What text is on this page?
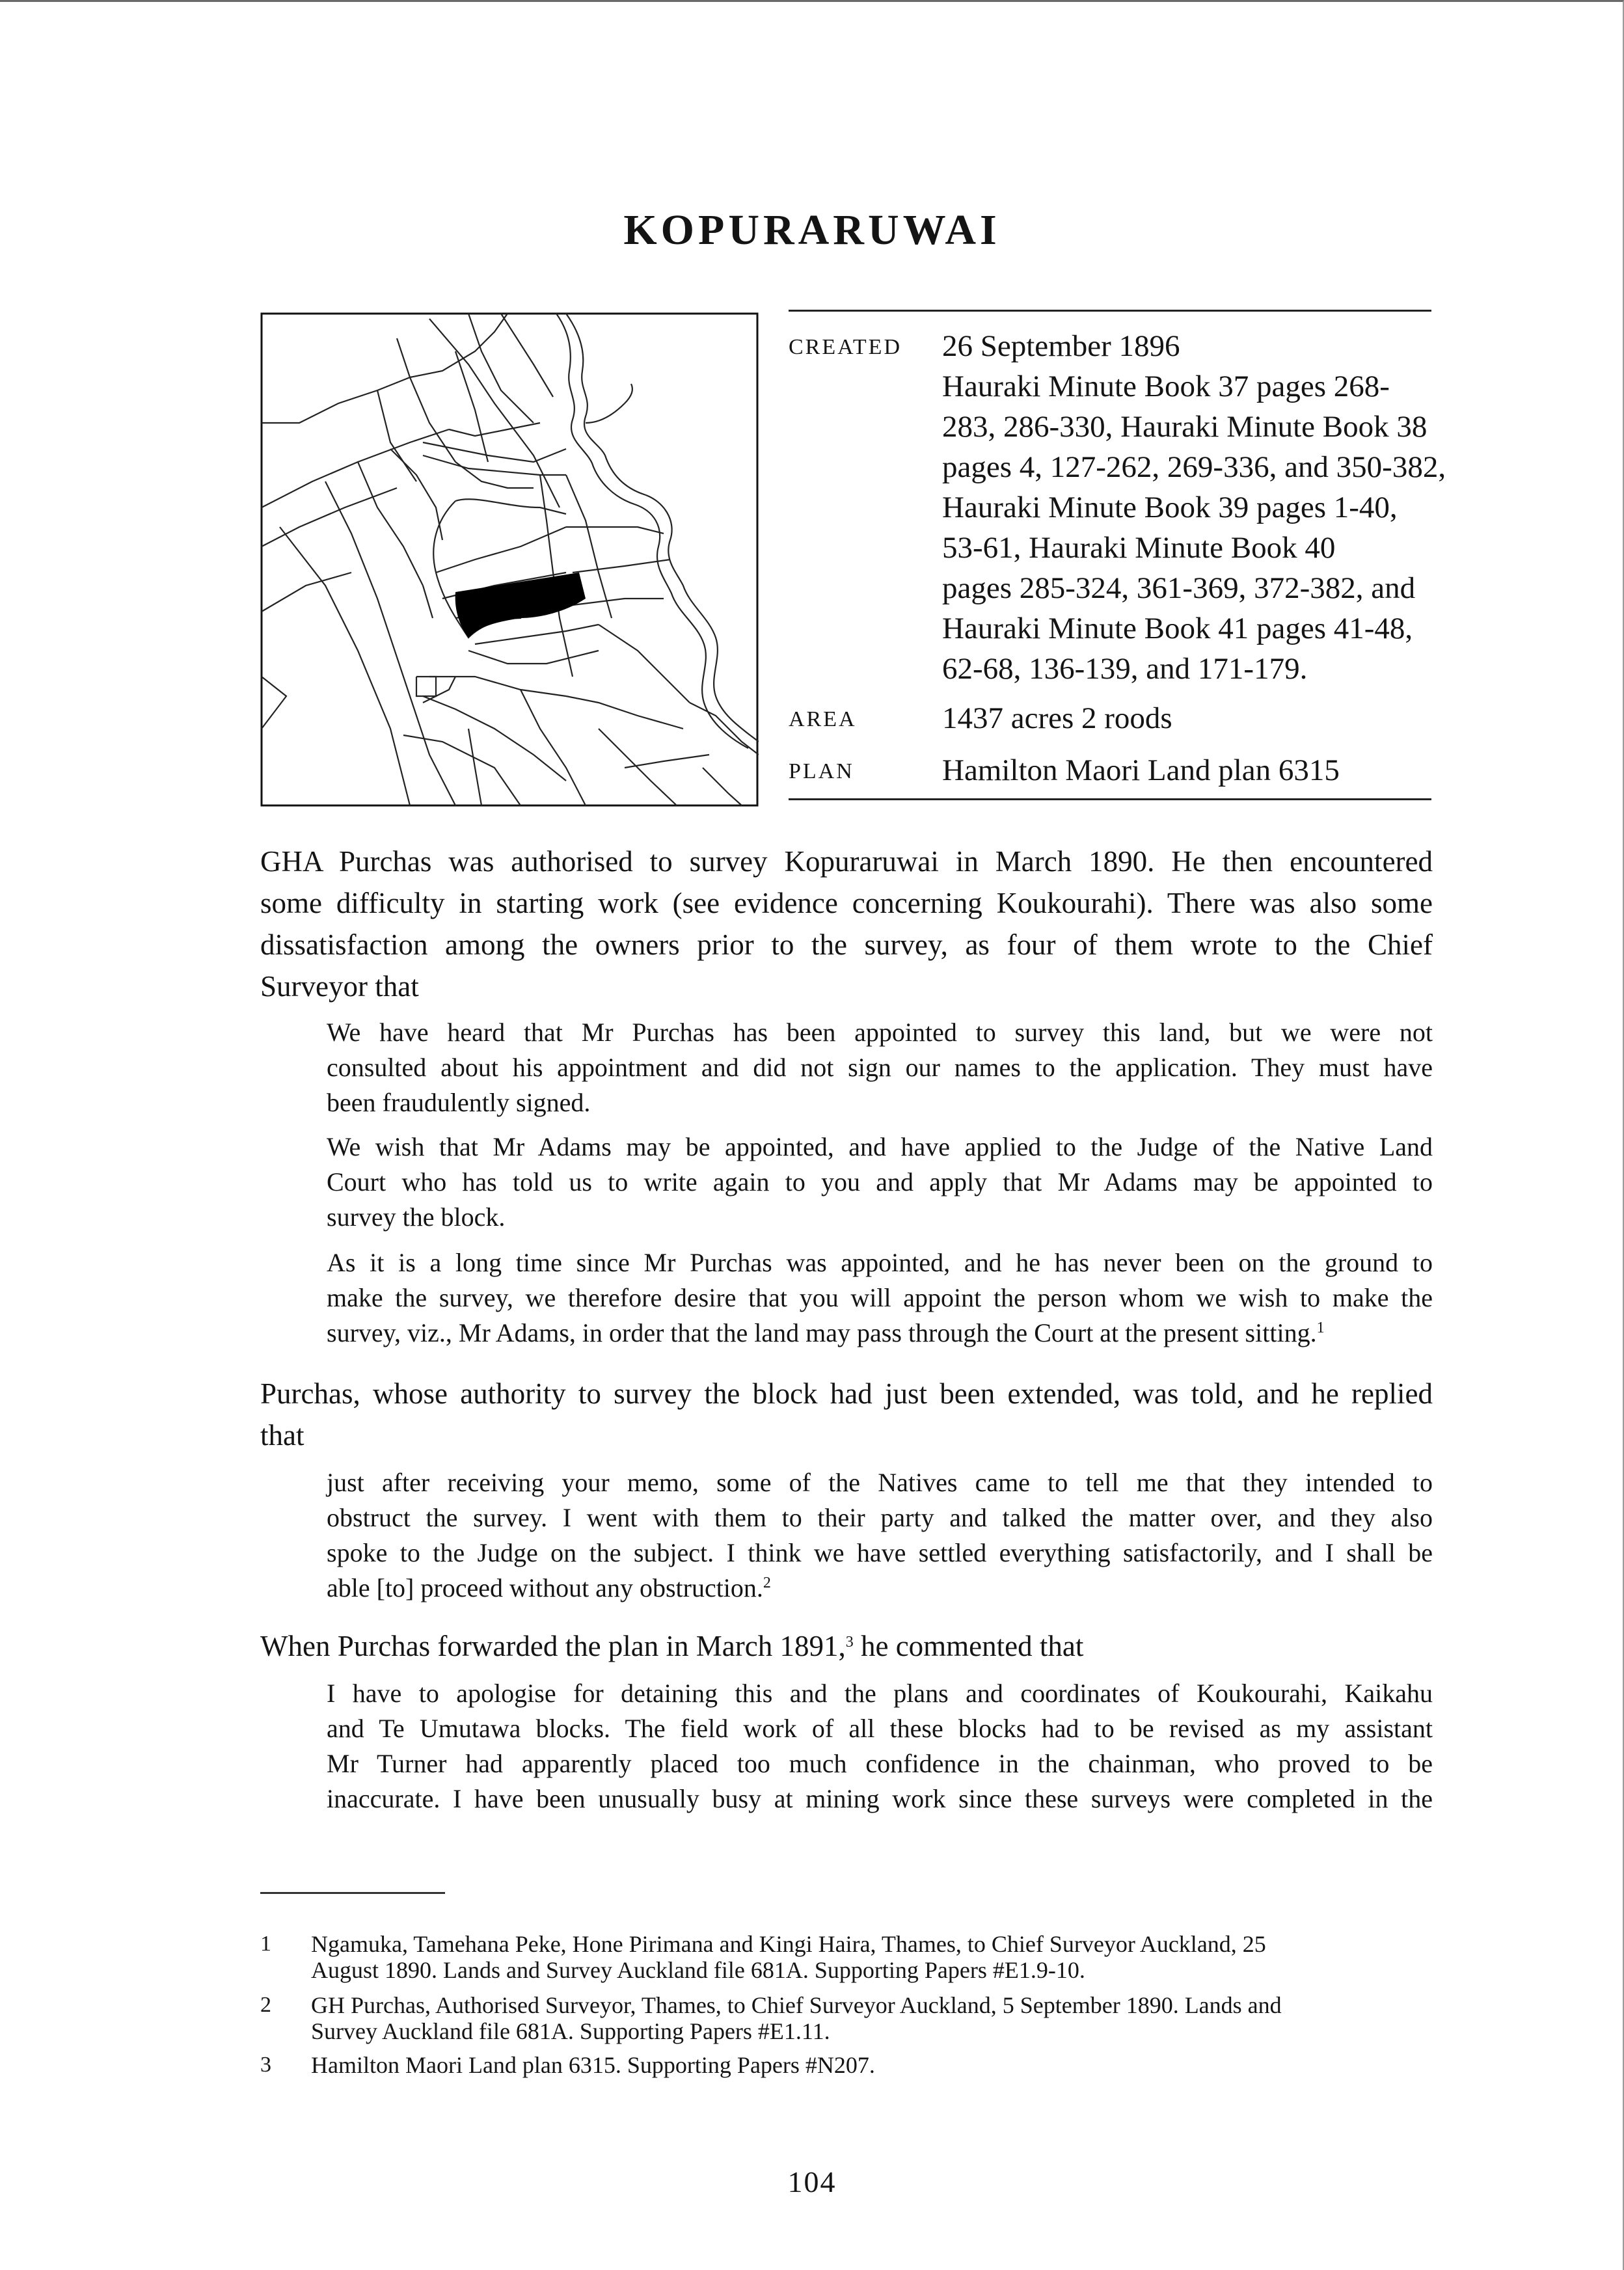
KOPURARUWAI
CREATED	26 September 1896
Hauraki Minute Book 37 pages 268-
283, 286-330, Hauraki Minute Book 38
pages 4, 127-262, 269-336, and 350-382,
Hauraki Minute Book 39 pages 1-40,
53-61, Hauraki Minute Book 40
pages 285-324, 361-369, 372-382, and
Hauraki Minute Book 41 pages 41-48,
62-68, 136-139, and 171-179.
AREA	1437 acres 2 roods
PLAN	Hamilton Maori Land plan 6315
GHA Purchas was authorised to survey Kopuraruwai in March 1890. He then encountered
some difficulty in starting work (see evidence concerning Koukourahi). There was also some
dissatisfaction among the owners prior to the survey, as four of them wrote to the Chief
Surveyor that
We have heard that Mr Purchas has been appointed to survey this land, but we were not
consulted about his appointment and did not sign our names to the application. They must have
been fraudulently signed.
We wish that Mr Adams may be appointed, and have applied to the Judge of the Native Land
Court who has told us to write again to you and apply that Mr Adams may be appointed to
survey the block.
As it is a long time since Mr Purchas was appointed, and he has never been on the ground to
make the survey, we therefore desire that you will appoint the person whom we wish to make the
survey, viz., Mr Adams, in order that the land may pass through the Court at the present sitting.$^1$
Purchas, whose authority to survey the block had just been extended, was told, and he replied
that
just after receiving your memo, some of the Natives came to tell me that they intended to
obstruct the survey. I went with them to their party and talked the matter over, and they also
spoke to the Judge on the subject. I think we have settled everything satisfactorily, and I shall be
able [to] proceed without any obstruction.$^2$
When Purchas forwarded the plan in March 1891,$^3$ he commented that
I have to apologise for detaining this and the plans and coordinates of Koukourahi, Kaikahu
and Te Umutawa blocks. The field work of all these blocks had to be revised as my assistant
Mr Turner had apparently placed too much confidence in the chainman, who proved to be
inaccurate. I have been unusually busy at mining work since these surveys were completed in the
1	Ngamuka, Tamehana Peke, Hone Pirimana and Kingi Haira, Thames, to Chief Surveyor Auckland, 25
August 1890. Lands and Survey Auckland file 681A. Supporting Papers #E1.9-10.
2	GH Purchas, Authorised Surveyor, Thames, to Chief Surveyor Auckland, 5 September 1890. Lands and
Survey Auckland file 681A. Supporting Papers #E1.11.
3	Hamilton Maori Land plan 6315. Supporting Papers #N207.
104
